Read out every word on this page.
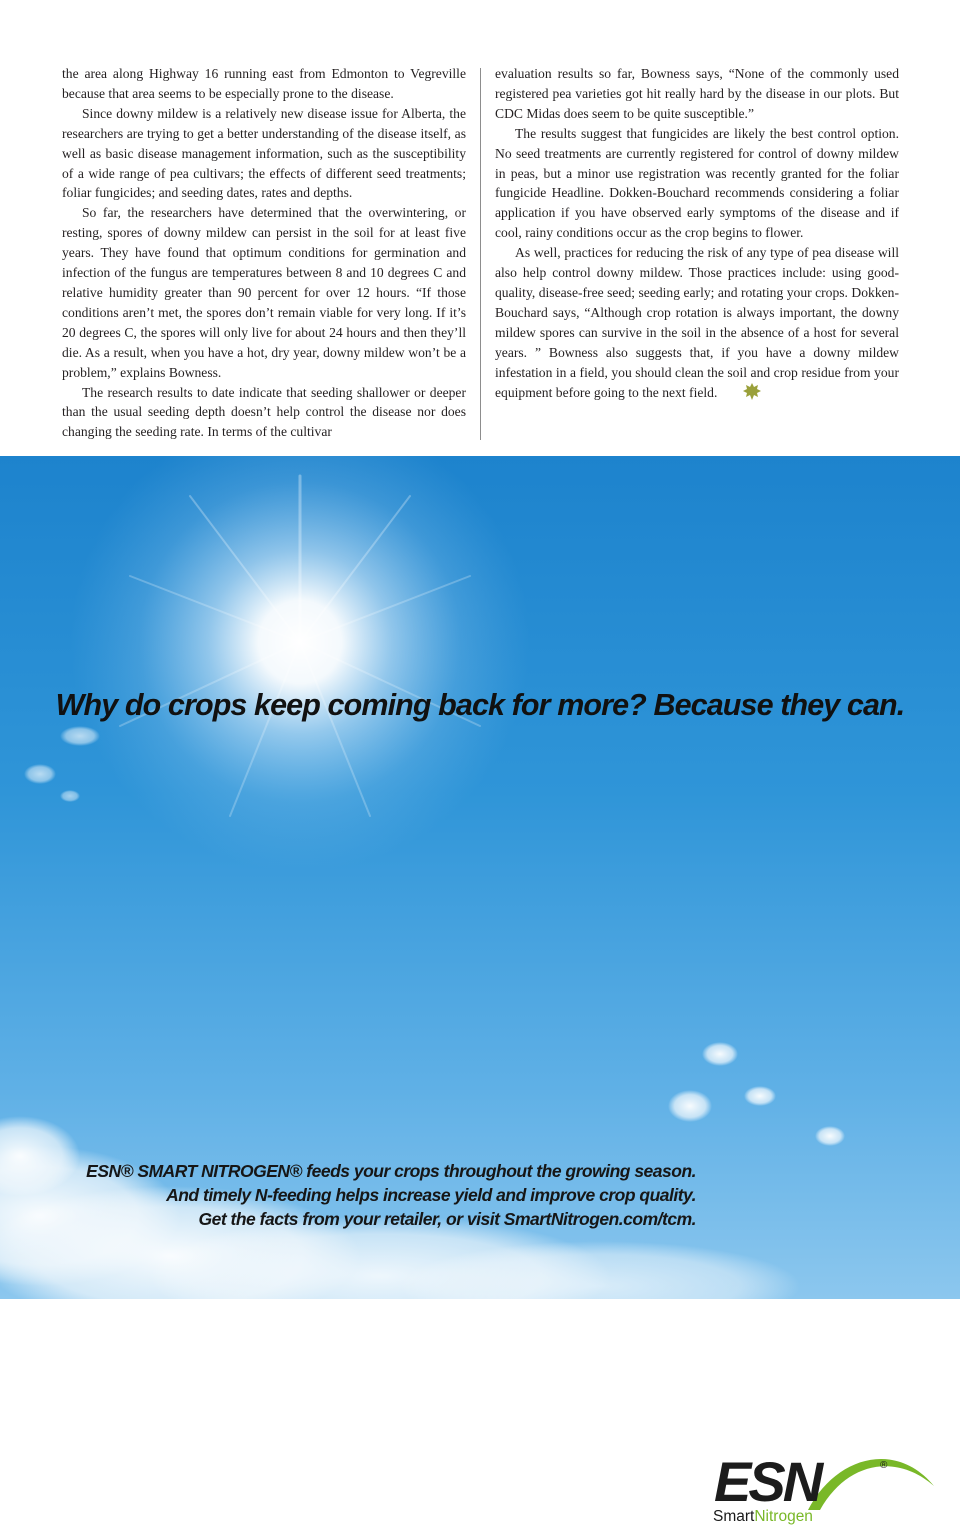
the area along Highway 16 running east from Edmonton to Vegreville because that area seems to be especially prone to the disease.

Since downy mildew is a relatively new disease issue for Alberta, the researchers are trying to get a better understanding of the disease itself, as well as basic disease management information, such as the susceptibility of a wide range of pea cultivars; the effects of different seed treatments; foliar fungicides; and seeding dates, rates and depths.

So far, the researchers have determined that the overwintering, or resting, spores of downy mildew can persist in the soil for at least five years. They have found that optimum conditions for germination and infection of the fungus are temperatures between 8 and 10 degrees C and relative humidity greater than 90 percent for over 12 hours. “If those conditions aren’t met, the spores don’t remain viable for very long. If it’s 20 degrees C, the spores will only live for about 24 hours and then they’ll die. As a result, when you have a hot, dry year, downy mildew won’t be a problem,” explains Bowness.

The research results to date indicate that seeding shallower or deeper than the usual seeding depth doesn’t help control the disease nor does changing the seeding rate. In terms of the cultivar

evaluation results so far, Bowness says, “None of the commonly used registered pea varieties got hit really hard by the disease in our plots. But CDC Midas does seem to be quite susceptible.”

The results suggest that fungicides are likely the best control option. No seed treatments are currently registered for control of downy mildew in peas, but a minor use registration was recently granted for the foliar fungicide Headline. Dokken-Bouchard recommends considering a foliar application if you have observed early symptoms of the disease and if cool, rainy conditions occur as the crop begins to flower.

As well, practices for reducing the risk of any type of pea disease will also help control downy mildew. Those practices include: using good-quality, disease-free seed; seeding early; and rotating your crops. Dokken-Bouchard says, “Although crop rotation is always important, the downy mildew spores can survive in the soil in the absence of a host for several years. ” Bowness also suggests that, if you have a downy mildew infestation in a field, you should clean the soil and crop residue from your equipment before going to the next field.

Why do crops keep coming back for more? Because they can.
ESN® SMART NITROGEN® feeds your crops throughout the growing season.
And timely N-feeding helps increase yield and improve crop quality.
Get the facts from your retailer, or visit SmartNitrogen.com/tcm.
ESN	®
SmartNitrogen
